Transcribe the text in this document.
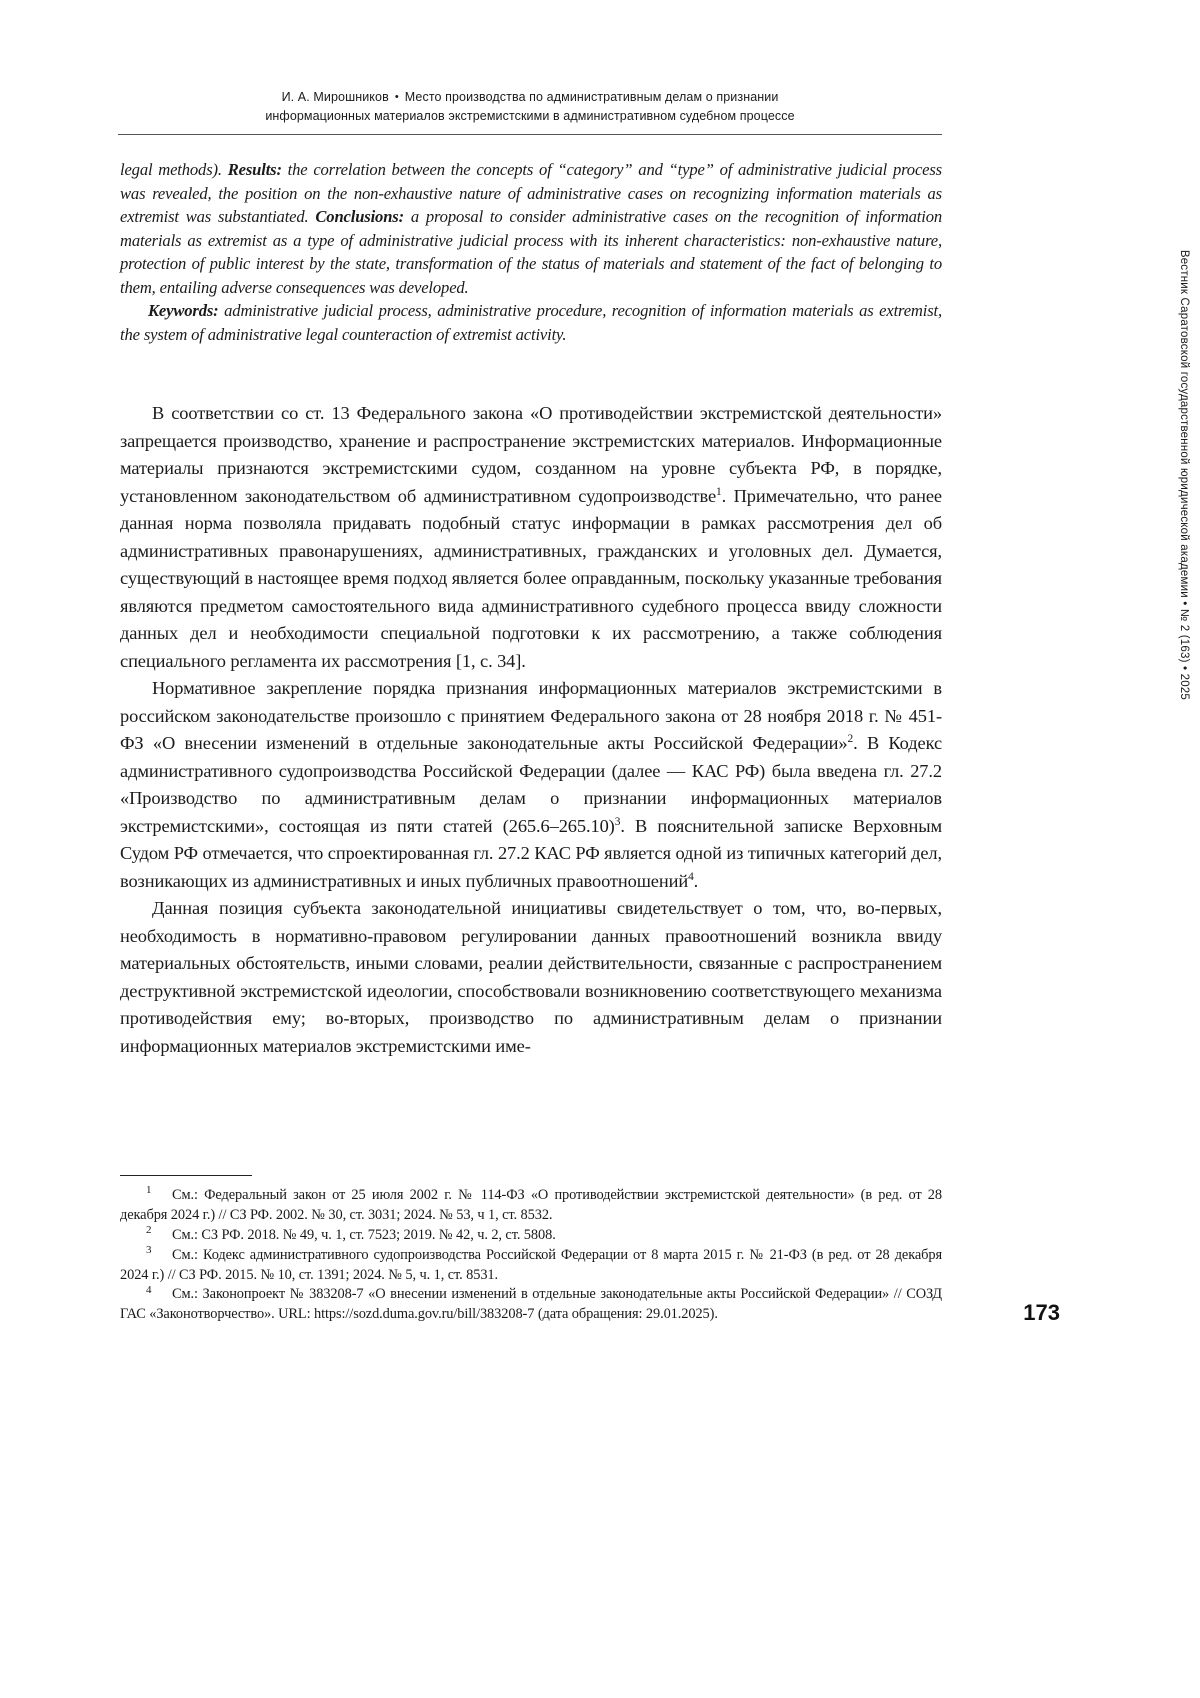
И. А. Мирошников • Место производства по административным делам о признании
информационных материалов экстремистскими в административном судебном процессе

legal methods). Results: the correlation between the concepts of “category” and “type” of administrative judicial process was revealed, the position on the non-exhaustive nature of administrative cases on recognizing information materials as extremist was substantiated. Conclusions: a proposal to consider administrative cases on the recognition of information materials as extremist as a type of administrative judicial process with its inherent characteristics: non-exhaustive nature, protection of public interest by the state, transformation of the status of materials and statement of the fact of belonging to them, entailing adverse consequences was developed.

Keywords: administrative judicial process, administrative procedure, recognition of information materials as extremist, the system of administrative legal counteraction of extremist activity.

В соответствии со ст. 13 Федерального закона «О противодействии экстремистской деятельности» запрещается производство, хранение и распространение экстремистских материалов. Информационные материалы признаются экстремистскими судом, созданном на уровне субъекта РФ, в порядке, установленном законодательством об административном судопроизводстве$^1$. Примечательно, что ранее данная норма позволяла придавать подобный статус информации в рамках рассмотрения дел об административных правонарушениях, административных, гражданских и уголовных дел. Думается, существующий в настоящее время подход является более оправданным, поскольку указанные требования являются предметом самостоятельного вида административного судебного процесса ввиду сложности данных дел и необходимости специальной подготовки к их рассмотрению, а также соблюдения специального регламента их рассмотрения [1, с. 34].

Нормативное закрепление порядка признания информационных материалов экстремистскими в российском законодательстве произошло с принятием Федерального закона от 28 ноября 2018 г. № 451-ФЗ «О внесении изменений в отдельные законодательные акты Российской Федерации»$^2$. В Кодекс административного судопроизводства Российской Федерации (далее — КАС РФ) была введена гл. 27.2 «Производство по административным делам о признании информационных материалов экстремистскими», состоящая из пяти статей $(265.6-265.10)^3$. В пояснительной записке Верховным Судом РФ отмечается, что спроектированная гл. 27.2 КАС РФ является одной из типичных категорий дел, возникающих из административных и иных публичных правоотношений$^4$.

Данная позиция субъекта законодательной инициативы свидетельствует о том, что, во-первых, необходимость в нормативно-правовом регулировании данных правоотношений возникла ввиду материальных обстоятельств, иными словами, реалии действительности, связанные с распространением деструктивной экстремистской идеологии, способствовали возникновению соответствующего механизма противодействия ему; во-вторых, производство по административным делам о признании информационных материалов экстремистскими име-

1 См.: Федеральный закон от 25 июля 2002 г. № 114-ФЗ «О противодействии экстремистской деятельности» (в ред. от 28 декабря 2024 г.) // СЗ РФ. 2002. № 30, ст. 3031; 2024. № 53, ч 1, ст. 8532.

2 См.: СЗ РФ. 2018. № 49, ч. 1, ст. 7523; 2019. № 42, ч. 2, ст. 5808.

3 См.: Кодекс административного судопроизводства Российской Федерации от 8 марта 2015 г. № 21-ФЗ (в ред. от 28 декабря 2024 г.) // СЗ РФ. 2015. № 10, ст. 1391; 2024. № 5, ч. 1, ст. 8531.

4 См.: Законопроект № 383208-7 «О внесении изменений в отдельные законодательные акты Российской Федерации» // СОЗД ГАС «Законотворчество». URL: https://sozd.duma.gov.ru/bill/383208-7 (дата обращения: 29.01.2025).	173
Вестник Саратовской государственной юридической академии • № 2 (163) • 2025
